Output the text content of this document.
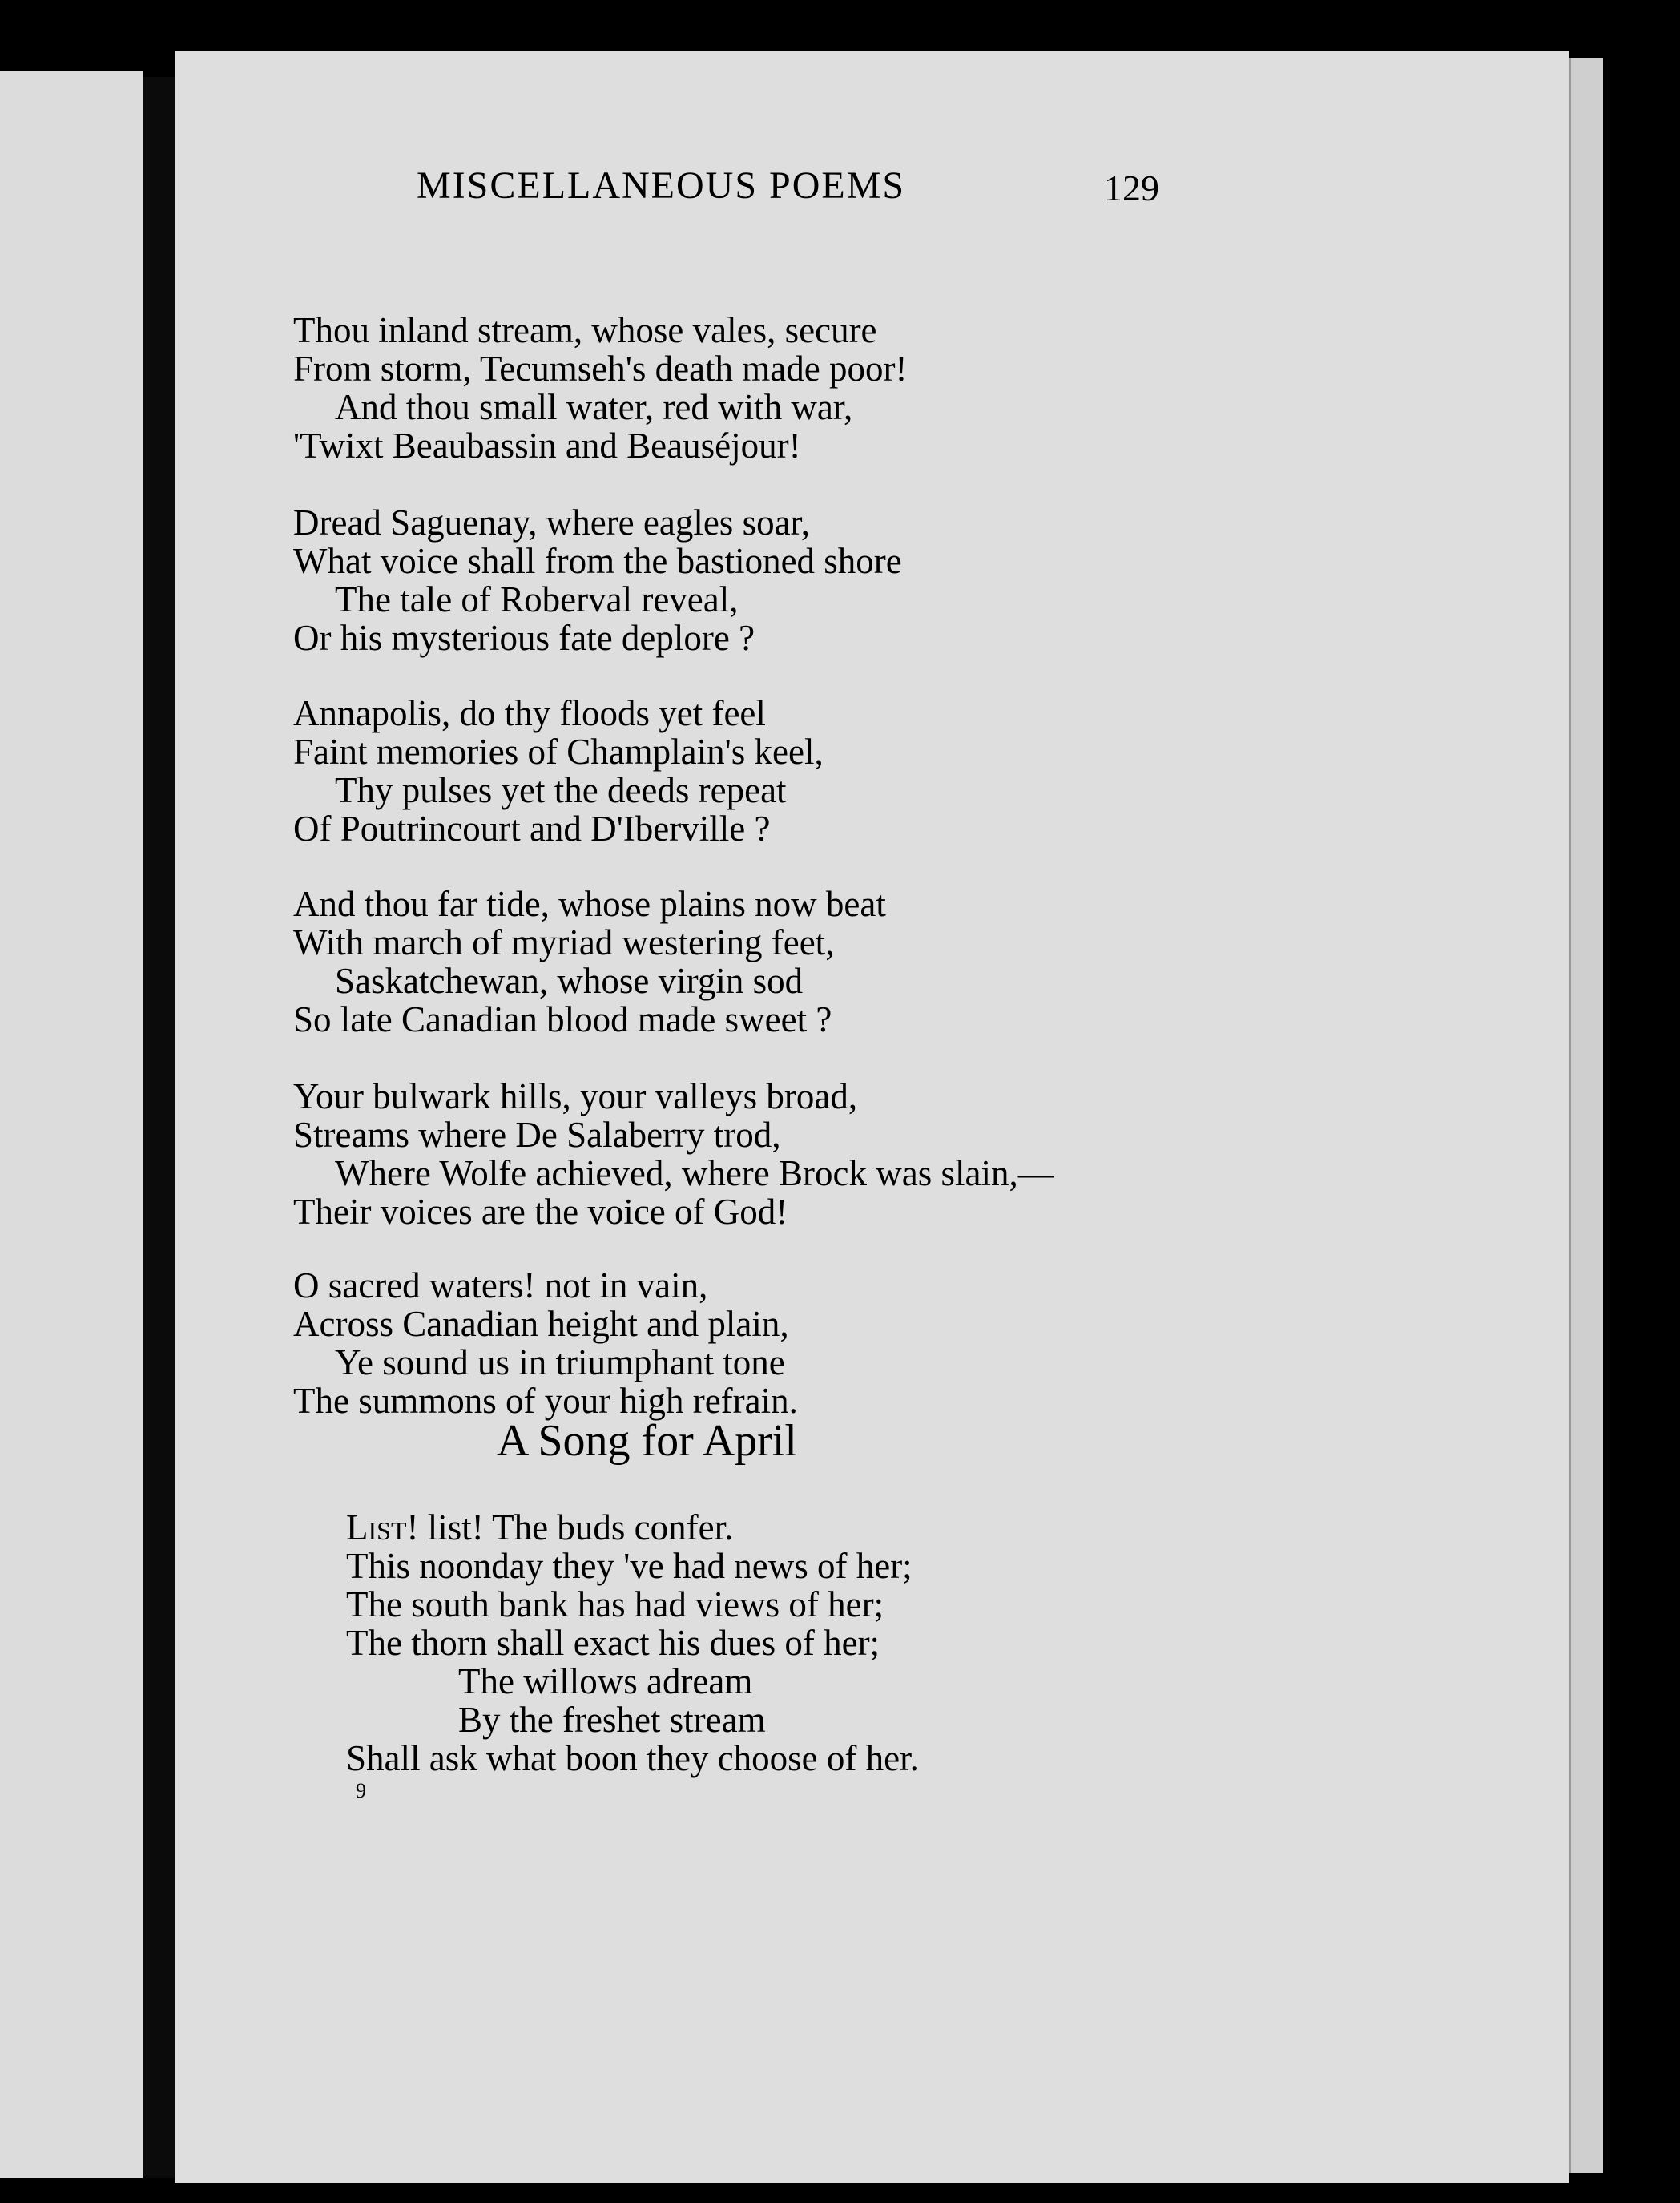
MISCELLANEOUS POEMS	129
Thou inland stream, whose vales, secure
From storm, Tecumseh's death made poor!
And thou small water, red with war,
'Twixt Beaubassin and Beauséjour!
Dread Saguenay, where eagles soar,
What voice shall from the bastioned shore
The tale of Roberval reveal,
Or his mysterious fate deplore ?
Annapolis, do thy floods yet feel
Faint memories of Champlain's keel,
Thy pulses yet the deeds repeat
Of Poutrincourt and D'Iberville ?
And thou far tide, whose plains now beat
With march of myriad westering feet,
Saskatchewan, whose virgin sod
So late Canadian blood made sweet ?
Your bulwark hills, your valleys broad,
Streams where De Salaberry trod,
Where Wolfe achieved, where Brock was slain,—
Their voices are the voice of God!
O sacred waters! not in vain,
Across Canadian height and plain,
Ye sound us in triumphant tone
The summons of your high refrain.
A Song for April
List! list! The buds confer.
This noonday they 've had news of her;
The south bank has had views of her;
The thorn shall exact his dues of her;
The willows adream
By the freshet stream
Shall ask what boon they choose of her.
9
